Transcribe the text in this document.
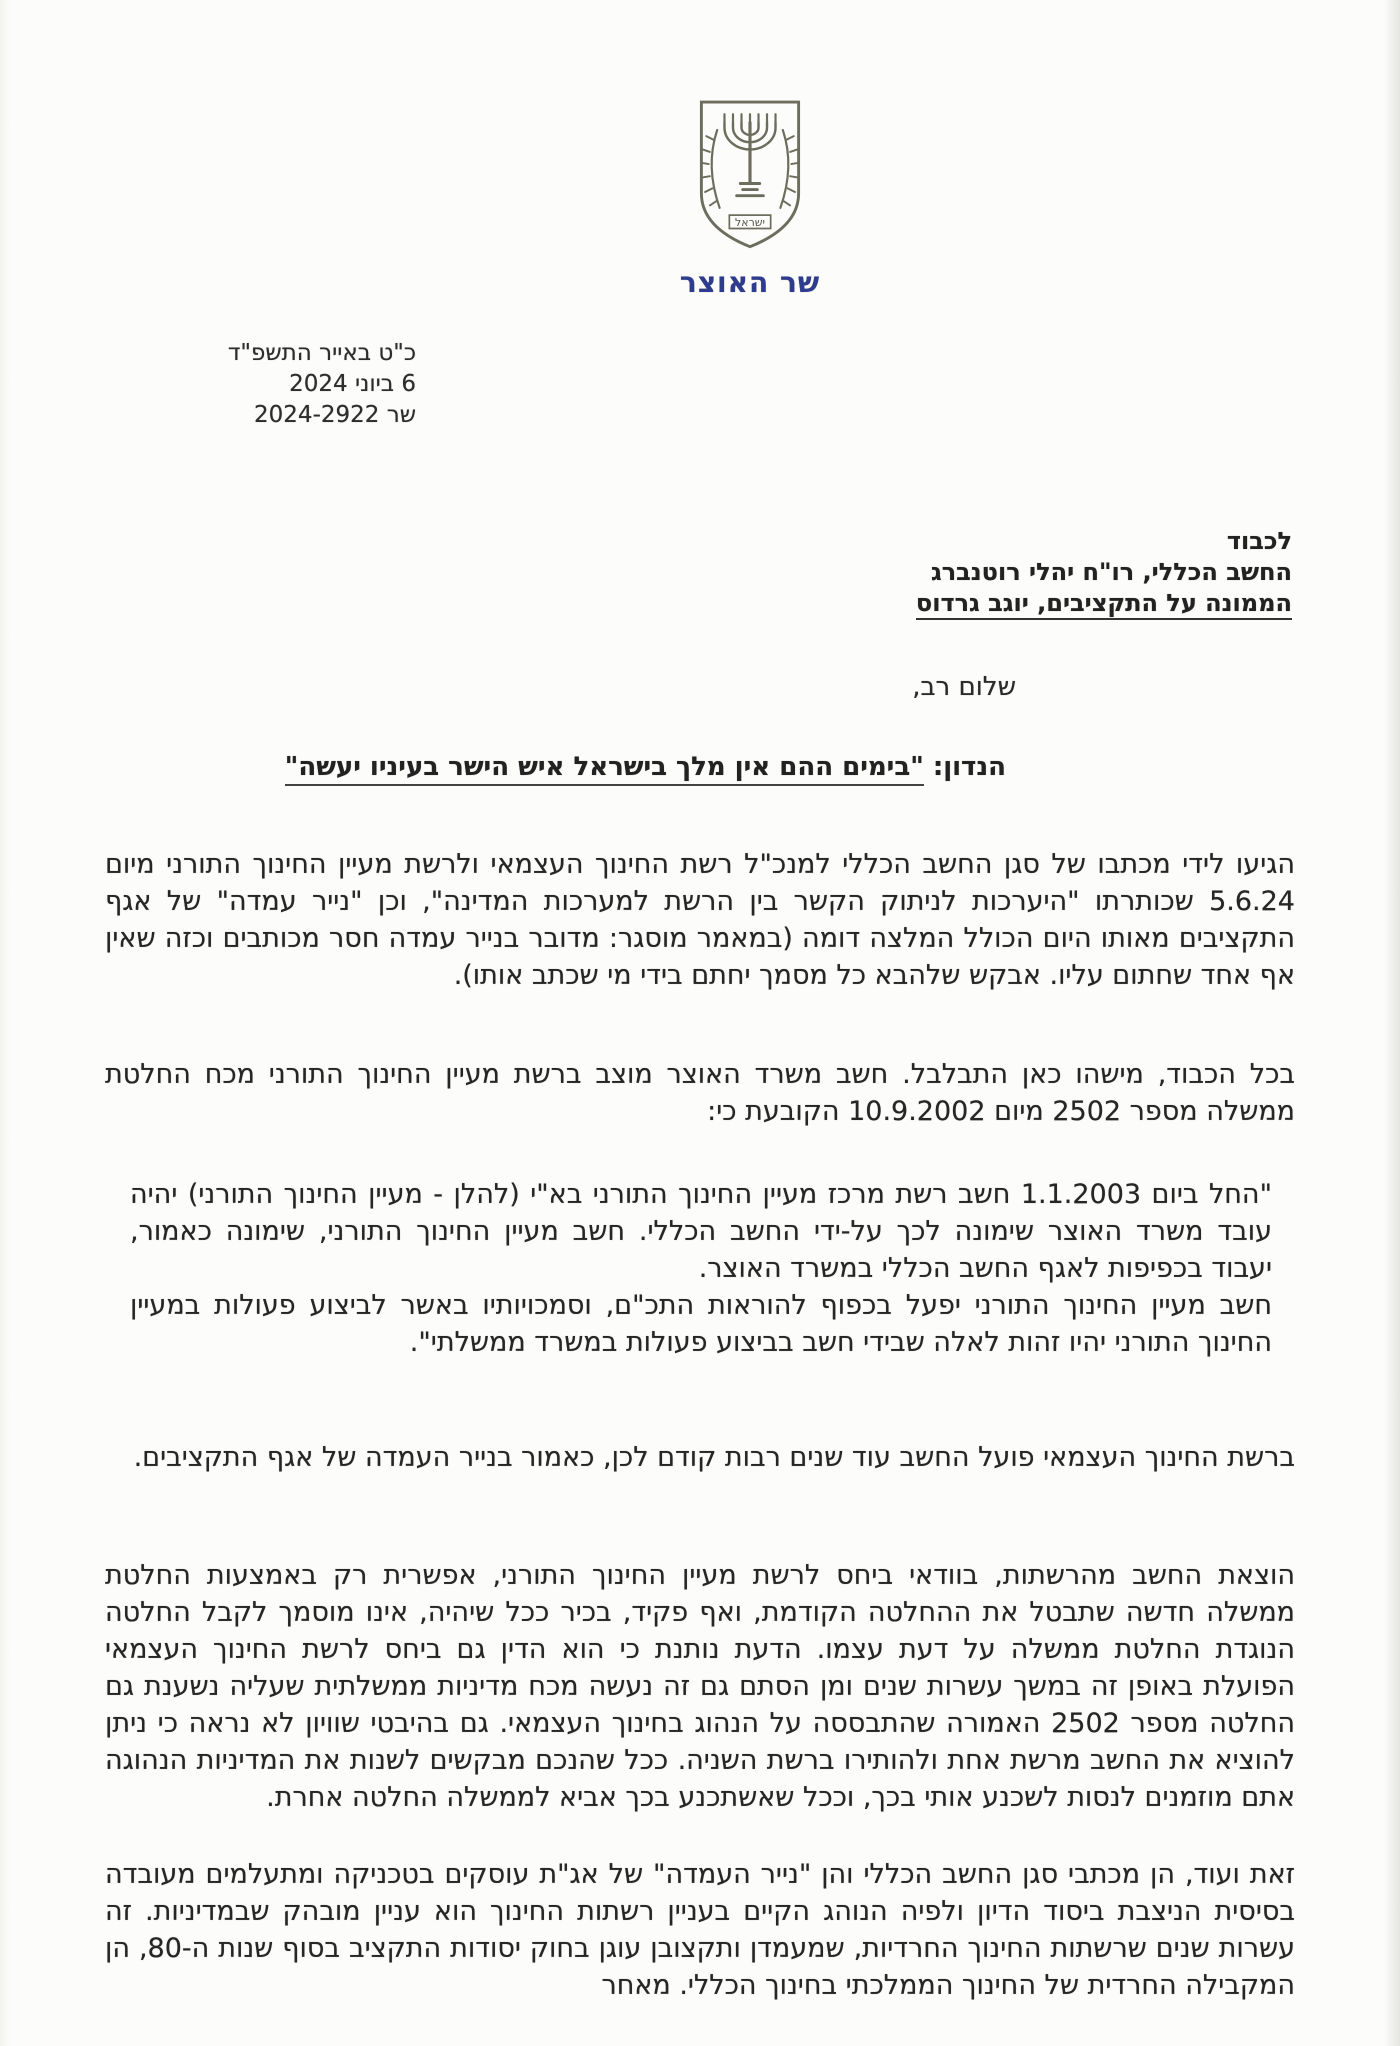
ישראל
שר האוצר
כ"ט באייר התשפ"ד
6 ביוני 2024
שר 2024-2922
לכבוד
החשב הכללי, רו"ח יהלי רוטנברג
הממונה על התקציבים, יוגב גרדוס
שלום רב,
הנדון: "בימים ההם אין מלך בישראל איש הישר בעיניו יעשה"
הגיעו לידי מכתבו של סגן החשב הכללי למנכ"ל רשת החינוך העצמאי ולרשת מעיין החינוך התורני מיום 5.6.24 שכותרתו "היערכות לניתוק הקשר בין הרשת למערכות המדינה", וכן "נייר עמדה" של אגף התקציבים מאותו היום הכולל המלצה דומה (במאמר מוסגר: מדובר בנייר עמדה חסר מכותבים וכזה שאין אף אחד שחתום עליו. אבקש שלהבא כל מסמך יחתם בידי מי שכתב אותו).
בכל הכבוד, מישהו כאן התבלבל. חשב משרד האוצר מוצב ברשת מעיין החינוך התורני מכח החלטת ממשלה מספר 2502 מיום 10.9.2002 הקובעת כי:

"החל ביום 1.1.2003 חשב רשת מרכז מעיין החינוך התורני בא"י (להלן - מעיין החינוך התורני) יהיה עובד משרד האוצר שימונה לכך על-ידי החשב הכללי. חשב מעיין החינוך התורני, שימונה כאמור, יעבוד בכפיפות לאגף החשב הכללי במשרד האוצר.

חשב מעיין החינוך התורני יפעל בכפוף להוראות התכ"ם, וסמכויותיו באשר לביצוע פעולות במעיין החינוך התורני יהיו זהות לאלה שבידי חשב בביצוע פעולות במשרד ממשלתי".

ברשת החינוך העצמאי פועל החשב עוד שנים רבות קודם לכן, כאמור בנייר העמדה של אגף התקציבים.
הוצאת החשב מהרשתות, בוודאי ביחס לרשת מעיין החינוך התורני, אפשרית רק באמצעות החלטת ממשלה חדשה שתבטל את ההחלטה הקודמת, ואף פקיד, בכיר ככל שיהיה, אינו מוסמך לקבל החלטה הנוגדת החלטת ממשלה על דעת עצמו. הדעת נותנת כי הוא הדין גם ביחס לרשת החינוך העצמאי הפועלת באופן זה במשך עשרות שנים ומן הסתם גם זה נעשה מכח מדיניות ממשלתית שעליה נשענת גם החלטה מספר 2502 האמורה שהתבססה על הנהוג בחינוך העצמאי. גם בהיבטי שוויון לא נראה כי ניתן להוציא את החשב מרשת אחת ולהותירו ברשת השניה. ככל שהנכם מבקשים לשנות את המדיניות הנהוגה אתם מוזמנים לנסות לשכנע אותי בכך, וככל שאשתכנע בכך אביא לממשלה החלטה אחרת.
זאת ועוד, הן מכתבי סגן החשב הכללי והן "נייר העמדה" של אג"ת עוסקים בטכניקה ומתעלמים מעובדה בסיסית הניצבת ביסוד הדיון ולפיה הנוהג הקיים בעניין רשתות החינוך הוא עניין מובהק שבמדיניות. זה עשרות שנים שרשתות החינוך החרדיות, שמעמדן ותקצובן עוגן בחוק יסודות התקציב בסוף שנות ה-80, הן המקבילה החרדית של החינוך הממלכתי בחינוך הכללי. מאחר
